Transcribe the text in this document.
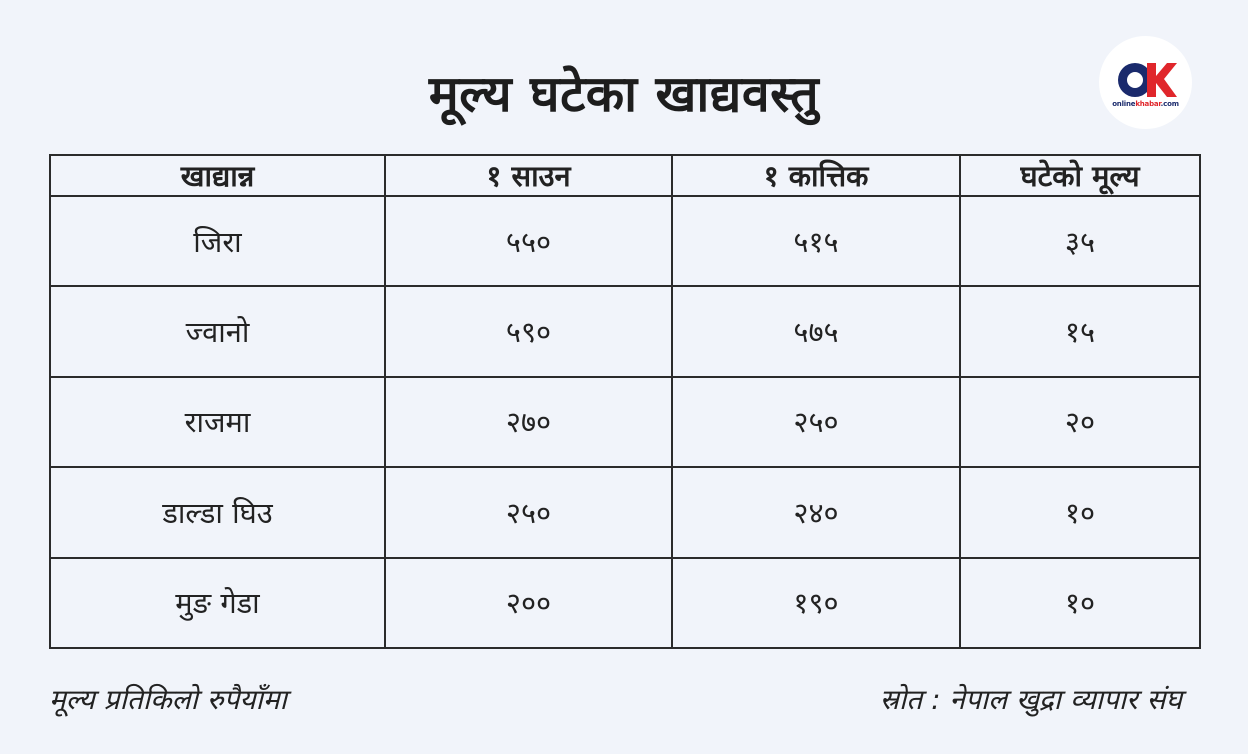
मूल्य घटेका खाद्यवस्तु	onlinekhabar.com
खाद्यान्न	१ साउन	१ कात्तिक	घटेको मूल्य
जिरा	५५०	५१५	३५
ज्वानो	५९०	५७५	१५
राजमा	२७०	२५०	२०
डाल्डा घिउ	२५०	२४०	१०
मुङ गेडा	२००	१९०	१०
मूल्य प्रतिकिलो रुपैयाँमा	स्रोत : नेपाल खुद्रा व्यापार संघ
